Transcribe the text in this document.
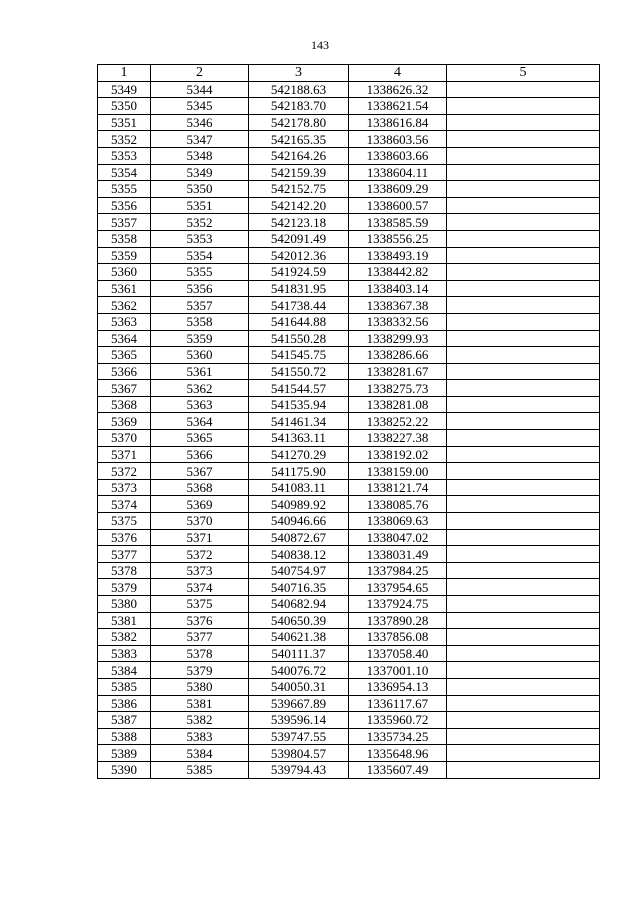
143
1	2	3	4	5
5349	5344	542188.63	1338626.32	
5350	5345	542183.70	1338621.54	
5351	5346	542178.80	1338616.84	
5352	5347	542165.35	1338603.56	
5353	5348	542164.26	1338603.66	
5354	5349	542159.39	1338604.11	
5355	5350	542152.75	1338609.29	
5356	5351	542142.20	1338600.57	
5357	5352	542123.18	1338585.59	
5358	5353	542091.49	1338556.25	
5359	5354	542012.36	1338493.19	
5360	5355	541924.59	1338442.82	
5361	5356	541831.95	1338403.14	
5362	5357	541738.44	1338367.38	
5363	5358	541644.88	1338332.56	
5364	5359	541550.28	1338299.93	
5365	5360	541545.75	1338286.66	
5366	5361	541550.72	1338281.67	
5367	5362	541544.57	1338275.73	
5368	5363	541535.94	1338281.08	
5369	5364	541461.34	1338252.22	
5370	5365	541363.11	1338227.38	
5371	5366	541270.29	1338192.02	
5372	5367	541175.90	1338159.00	
5373	5368	541083.11	1338121.74	
5374	5369	540989.92	1338085.76	
5375	5370	540946.66	1338069.63	
5376	5371	540872.67	1338047.02	
5377	5372	540838.12	1338031.49	
5378	5373	540754.97	1337984.25	
5379	5374	540716.35	1337954.65	
5380	5375	540682.94	1337924.75	
5381	5376	540650.39	1337890.28	
5382	5377	540621.38	1337856.08	
5383	5378	540111.37	1337058.40	
5384	5379	540076.72	1337001.10	
5385	5380	540050.31	1336954.13	
5386	5381	539667.89	1336117.67	
5387	5382	539596.14	1335960.72	
5388	5383	539747.55	1335734.25	
5389	5384	539804.57	1335648.96	
5390	5385	539794.43	1335607.49	
